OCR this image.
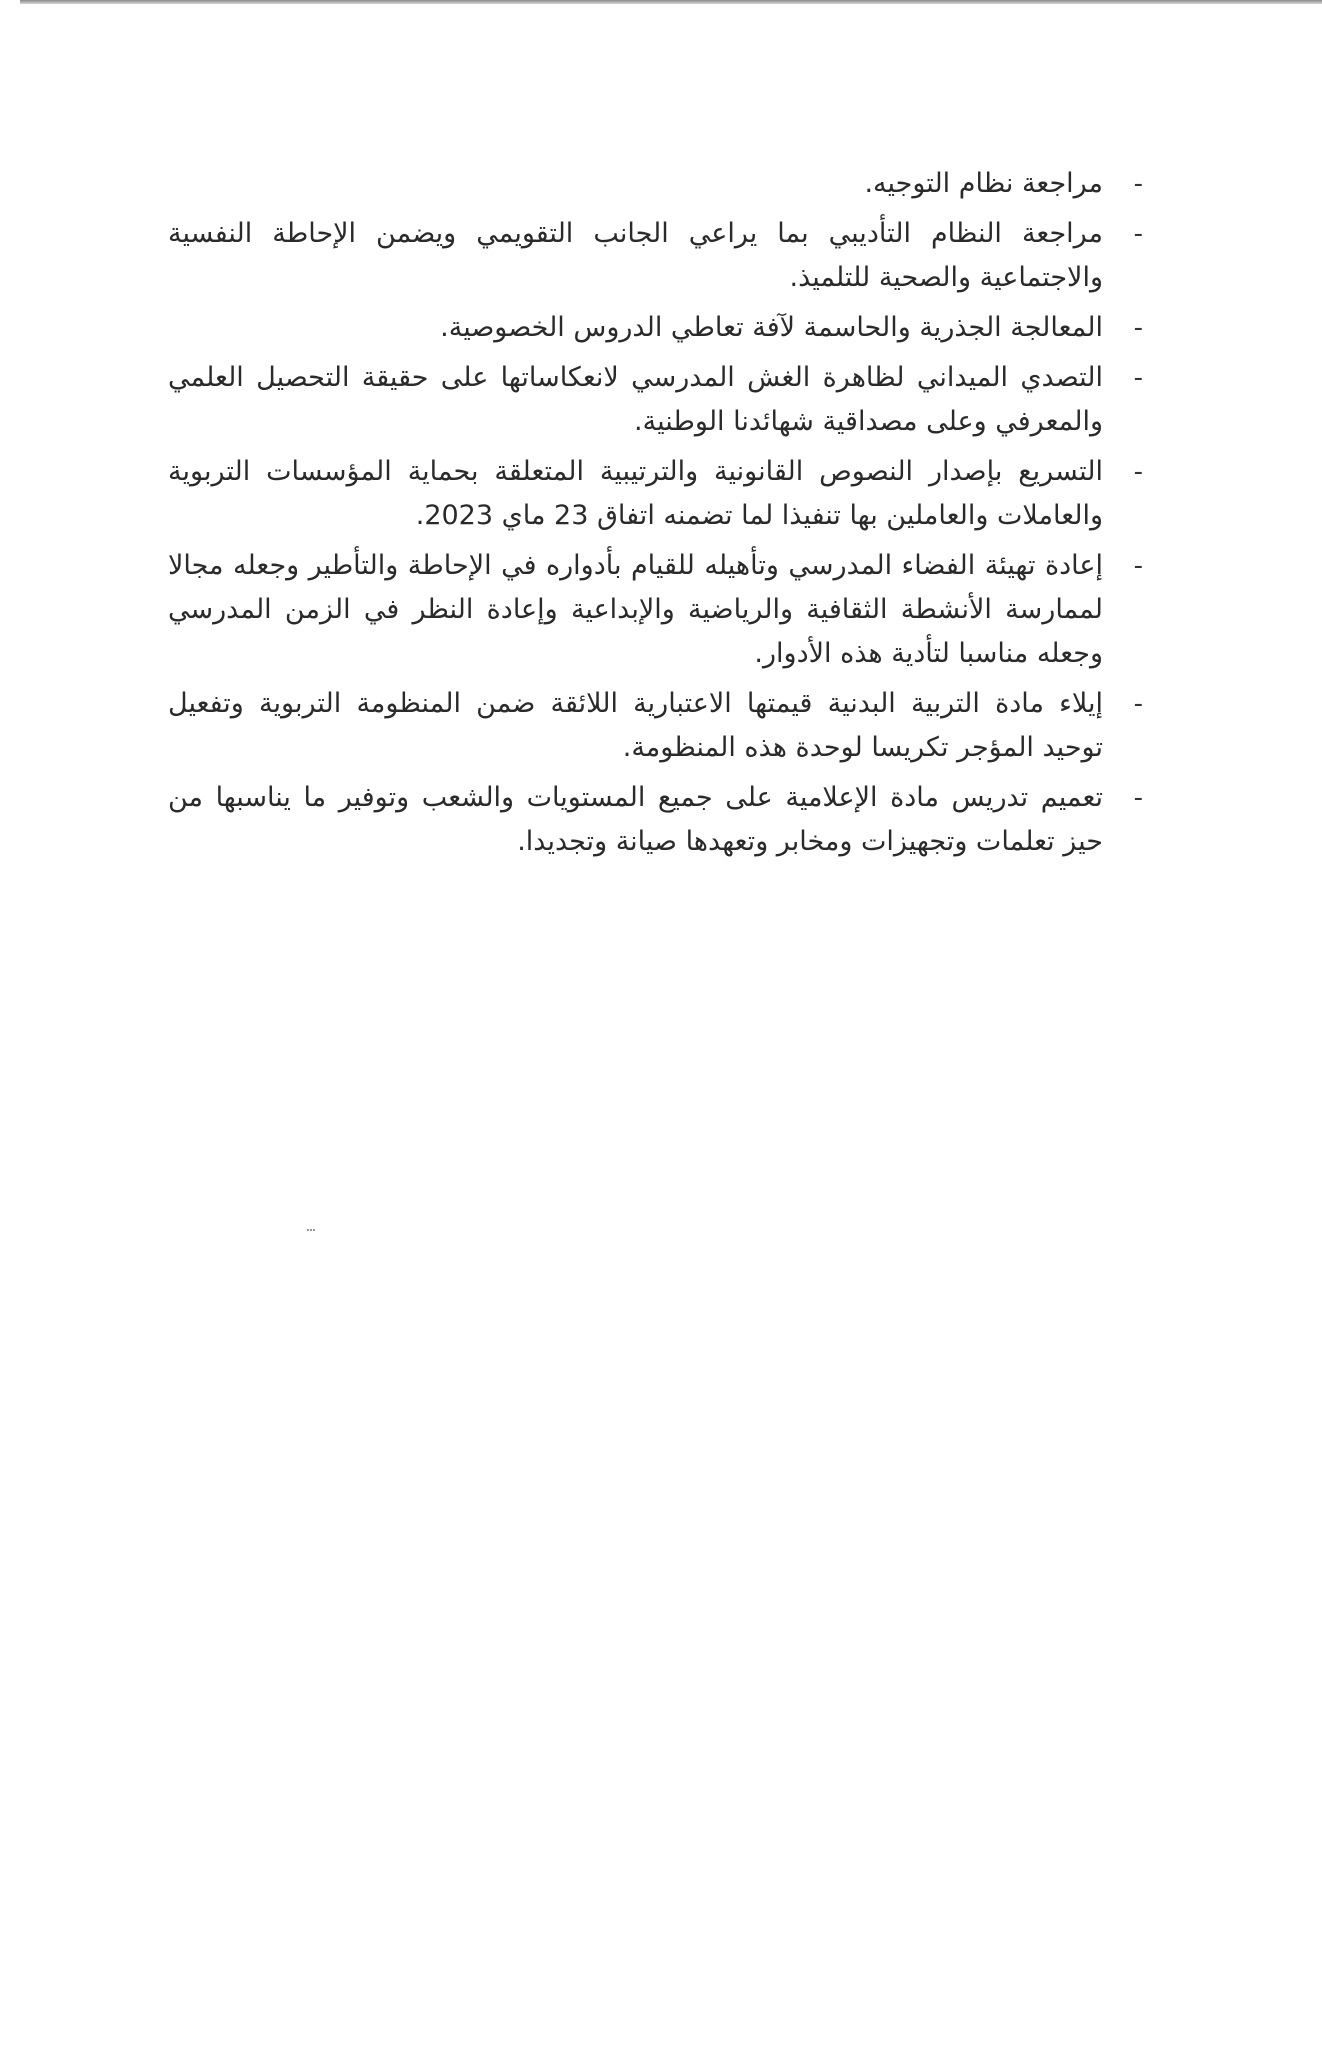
-
مراجعة نظام التوجيه.
-
مراجعة النظام التأديبي بما يراعي الجانب التقويمي ويضمن الإحاطة النفسية والاجتماعية والصحية للتلميذ.
-
المعالجة الجذرية والحاسمة لآفة تعاطي الدروس الخصوصية.
-
التصدي الميداني لظاهرة الغش المدرسي لانعكاساتها على حقيقة التحصيل العلمي والمعرفي وعلى مصداقية شهائدنا الوطنية.
-
التسريع بإصدار النصوص القانونية والترتيبية المتعلقة بحماية المؤسسات التربوية والعاملات والعاملين بها تنفيذا لما تضمنه اتفاق 23 ماي 2023.
-
إعادة تهيئة الفضاء المدرسي وتأهيله للقيام بأدواره في الإحاطة والتأطير وجعله مجالا لممارسة الأنشطة الثقافية والرياضية والإبداعية وإعادة النظر في الزمن المدرسي وجعله مناسبا لتأدية هذه الأدوار.
-
إيلاء مادة التربية البدنية قيمتها الاعتبارية اللائقة ضمن المنظومة التربوية وتفعيل توحيد المؤجر تكريسا لوحدة هذه المنظومة.
-
تعميم تدريس مادة الإعلامية على جميع المستويات والشعب وتوفير ما يناسبها من حيز تعلمات وتجهيزات ومخابر وتعهدها صيانة وتجديدا.
